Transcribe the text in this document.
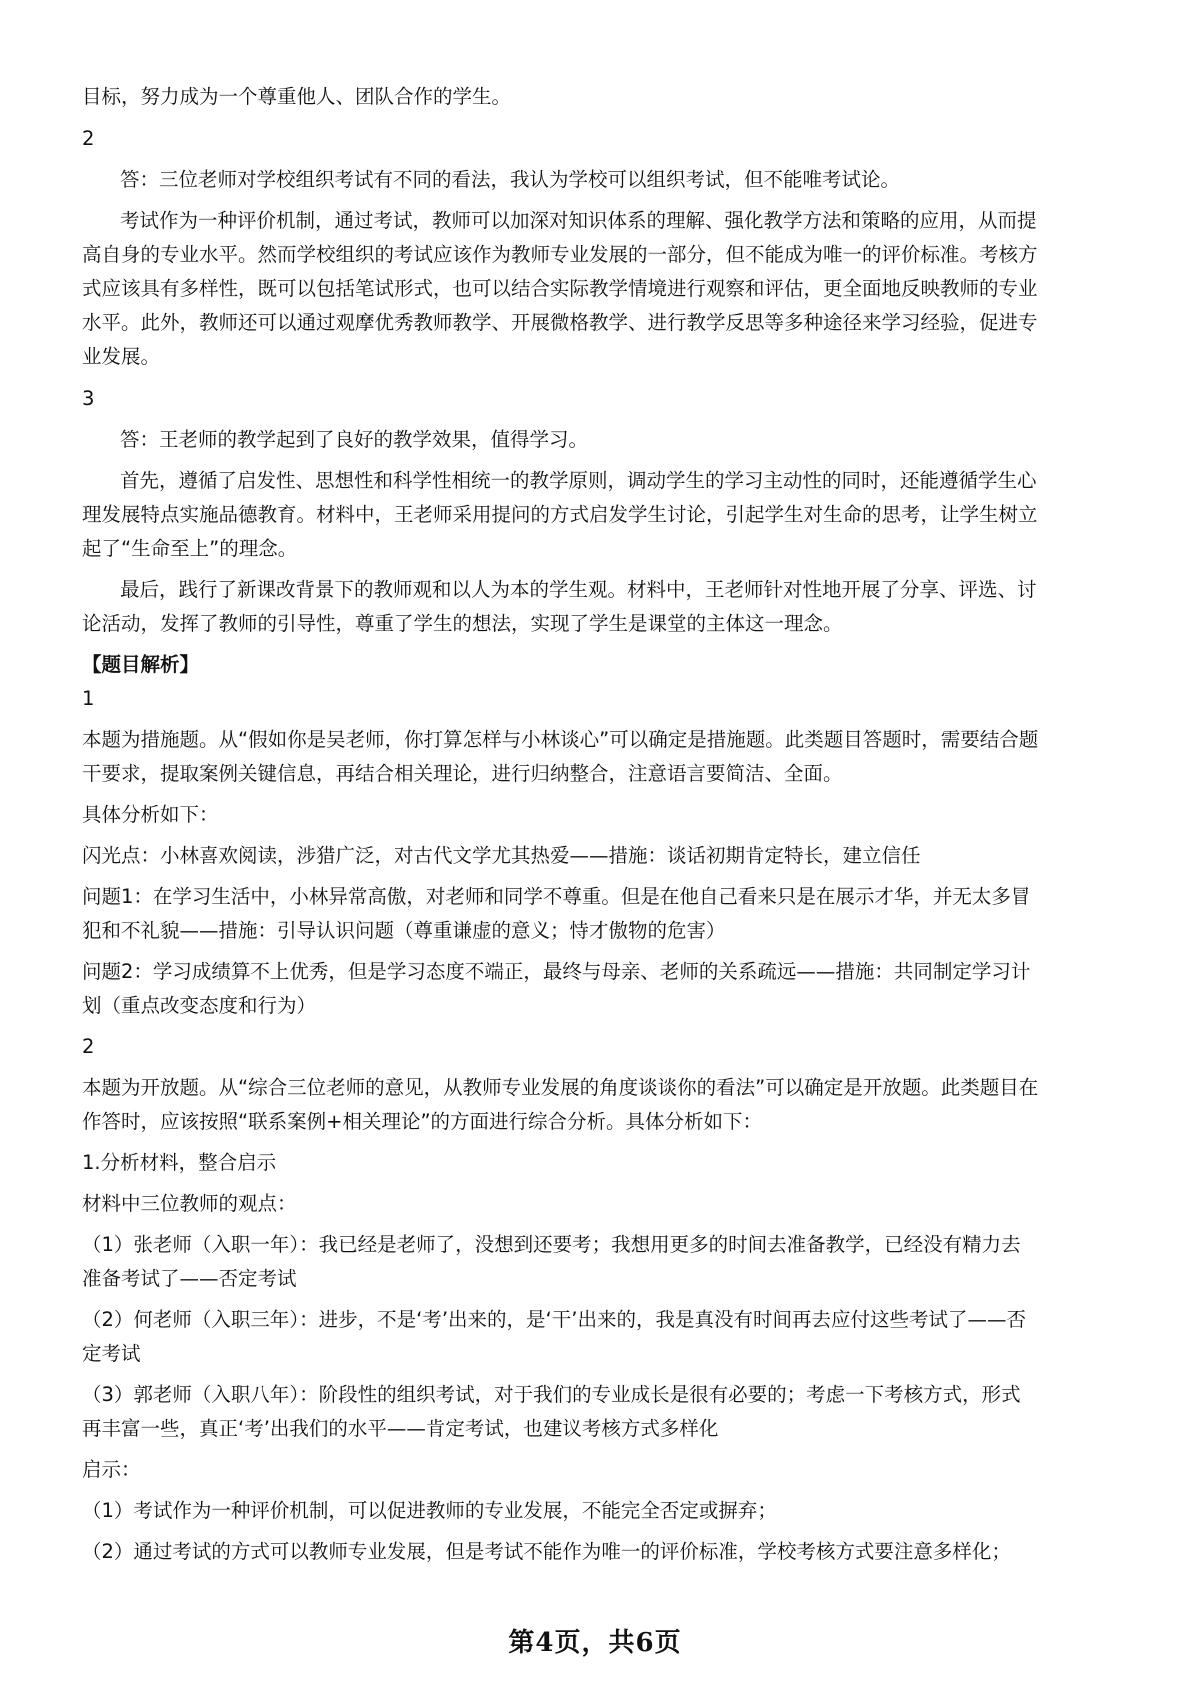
目标，努力成为一个尊重他人、团队合作的学生。
2
答：三位老师对学校组织考试有不同的看法，我认为学校可以组织考试，但不能唯考试论。
考试作为一种评价机制，通过考试，教师可以加深对知识体系的理解、强化教学方法和策略的应用，从而提
高自身的专业水平。然而学校组织的考试应该作为教师专业发展的一部分，但不能成为唯一的评价标准。考核方
式应该具有多样性，既可以包括笔试形式，也可以结合实际教学情境进行观察和评估，更全面地反映教师的专业
水平。此外，教师还可以通过观摩优秀教师教学、开展微格教学、进行教学反思等多种途径来学习经验，促进专
业发展。
3
答：王老师的教学起到了良好的教学效果，值得学习。
首先，遵循了启发性、思想性和科学性相统一的教学原则，调动学生的学习主动性的同时，还能遵循学生心
理发展特点实施品德教育。材料中，王老师采用提问的方式启发学生讨论，引起学生对生命的思考，让学生树立
起了“生命至上”的理念。
最后，践行了新课改背景下的教师观和以人为本的学生观。材料中，王老师针对性地开展了分享、评选、讨
论活动，发挥了教师的引导性，尊重了学生的想法，实现了学生是课堂的主体这一理念。
【题目解析】
1
本题为措施题。从“假如你是吴老师，你打算怎样与小林谈心”可以确定是措施题。此类题目答题时，需要结合题
干要求，提取案例关键信息，再结合相关理论，进行归纳整合，注意语言要简洁、全面。
具体分析如下：
闪光点：小林喜欢阅读，涉猎广泛，对古代文学尤其热爱——措施：谈话初期肯定特长，建立信任
问题1：在学习生活中，小林异常高傲，对老师和同学不尊重。但是在他自己看来只是在展示才华，并无太多冒
犯和不礼貌——措施：引导认识问题（尊重谦虚的意义；恃才傲物的危害）
问题2：学习成绩算不上优秀，但是学习态度不端正，最终与母亲、老师的关系疏远——措施：共同制定学习计
划（重点改变态度和行为）
2
本题为开放题。从“综合三位老师的意见，从教师专业发展的角度谈谈你的看法”可以确定是开放题。此类题目在
作答时，应该按照“联系案例+相关理论”的方面进行综合分析。具体分析如下：
1.分析材料，整合启示
材料中三位教师的观点：
（1）张老师（入职一年）：我已经是老师了，没想到还要考；我想用更多的时间去准备教学，已经没有精力去
准备考试了——否定考试
（2）何老师（入职三年）：进步，不是‘考’出来的，是‘干’出来的，我是真没有时间再去应付这些考试了——否
定考试
（3）郭老师（入职八年）：阶段性的组织考试，对于我们的专业成长是很有必要的；考虑一下考核方式，形式
再丰富一些，真正‘考’出我们的水平——肯定考试，也建议考核方式多样化
启示：
（1）考试作为一种评价机制，可以促进教师的专业发展，不能完全否定或摒弃；
（2）通过考试的方式可以教师专业发展，但是考试不能作为唯一的评价标准，学校考核方式要注意多样化；
第4页，共6页
